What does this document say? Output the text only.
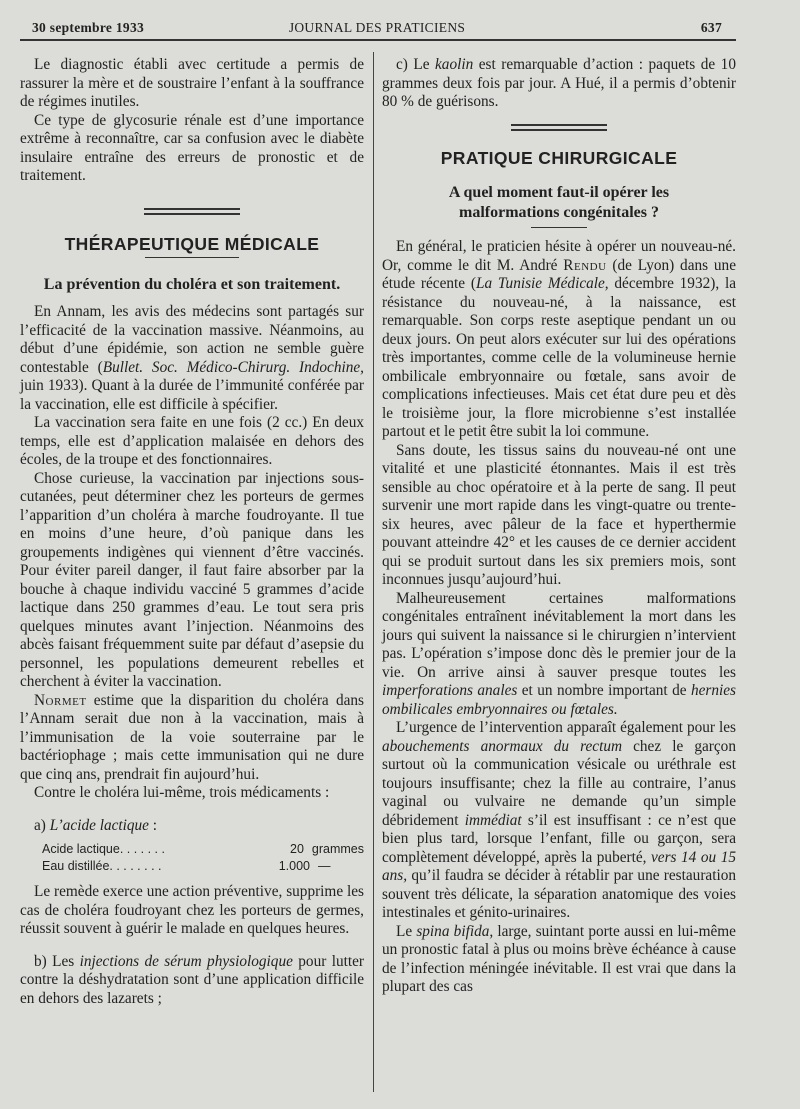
30 septembre 1933	JOURNAL DES PRATICIENS	637

Le diagnostic établi avec certitude a permis de rassurer la mère et de soustraire l’enfant à la souffrance de régimes inutiles.

Ce type de glycosurie rénale est d’une importance extrême à reconnaître, car sa confusion avec le diabète insulaire entraîne des erreurs de pronostic et de traitement.

THÉRAPEUTIQUE MÉDICALE
La prévention du choléra et son traitement.

En Annam, les avis des médecins sont partagés sur l’efficacité de la vaccination massive. Néanmoins, au début d’une épidémie, son action ne semble guère contestable (Bullet. Soc. Médico-Chirurg. Indochine, juin 1933). Quant à la durée de l’immunité conférée par la vaccination, elle est difficile à spécifier.

La vaccination sera faite en une fois (2 cc.) En deux temps, elle est d’application malaisée en dehors des écoles, de la troupe et des fonctionnaires.

Chose curieuse, la vaccination par injections sous-cutanées, peut déterminer chez les porteurs de germes l’apparition d’un choléra à marche foudroyante. Il tue en moins d’une heure, d’où panique dans les groupements indigènes qui viennent d’être vaccinés. Pour éviter pareil danger, il faut faire absorber par la bouche à chaque individu vacciné 5 grammes d’acide lactique dans 250 grammes d’eau. Le tout sera pris quelques minutes avant l’injection. Néanmoins des abcès faisant fréquemment suite par défaut d’asepsie du personnel, les populations demeurent rebelles et cherchent à éviter la vaccination.

Normet estime que la disparition du choléra dans l’Annam serait due non à la vaccination, mais à l’immunisation de la voie souterraine par le bactériophage ; mais cette immunisation qui ne dure que cinq ans, prendrait fin aujourd’hui.

Contre le choléra lui-même, trois médicaments :

a) L’acide lactique :

Acide lactique. . . . . . .	20 grammes
Eau distillée. . . . . . . .	1.000 —

Le remède exerce une action préventive, supprime les cas de choléra foudroyant chez les porteurs de germes, réussit souvent à guérir le malade en quelques heures.

b) Les injections de sérum physiologique pour lutter contre la déshydratation sont d’une application difficile en dehors des lazarets ;

c) Le kaolin est remarquable d’action : paquets de 10 grammes deux fois par jour. A Hué, il a permis d’obtenir 80 % de guérisons.

PRATIQUE CHIRURGICALE
A quel moment faut-il opérer les malformations congénitales ?

En général, le praticien hésite à opérer un nouveau-né. Or, comme le dit M. André Rendu (de Lyon) dans une étude récente (La Tunisie Médicale, décembre 1932), la résistance du nouveau-né, à la naissance, est remarquable. Son corps reste aseptique pendant un ou deux jours. On peut alors exécuter sur lui des opérations très importantes, comme celle de la volumineuse hernie ombilicale embryonnaire ou fœtale, sans avoir de complications infectieuses. Mais cet état dure peu et dès le troisième jour, la flore microbienne s’est installée partout et le petit être subit la loi commune.

Sans doute, les tissus sains du nouveau-né ont une vitalité et une plasticité étonnantes. Mais il est très sensible au choc opératoire et à la perte de sang. Il peut survenir une mort rapide dans les vingt-quatre ou trente-six heures, avec pâleur de la face et hyperthermie pouvant atteindre 42° et les causes de ce dernier accident qui se produit surtout dans les six premiers mois, sont inconnues jusqu’aujourd’hui.

Malheureusement certaines malformations congénitales entraînent inévitablement la mort dans les jours qui suivent la naissance si le chirurgien n’intervient pas. L’opération s’impose donc dès le premier jour de la vie. On arrive ainsi à sauver presque toutes les imperforations anales et un nombre important de hernies ombilicales embryonnaires ou fœtales.

L’urgence de l’intervention apparaît également pour les abouchements anormaux du rectum chez le garçon surtout où la communication vésicale ou uréthrale est toujours insuffisante; chez la fille au contraire, l’anus vaginal ou vulvaire ne demande qu’un simple débridement immédiat s’il est insuffisant : ce n’est que bien plus tard, lorsque l’enfant, fille ou garçon, sera complètement développé, après la puberté, vers 14 ou 15 ans, qu’il faudra se décider à rétablir par une restauration souvent très délicate, la séparation anatomique des voies intestinales et génito-urinaires.

Le spina bifida, large, suintant porte aussi en lui-même un pronostic fatal à plus ou moins brève échéance à cause de l’infection méningée inévitable. Il est vrai que dans la plupart des cas
